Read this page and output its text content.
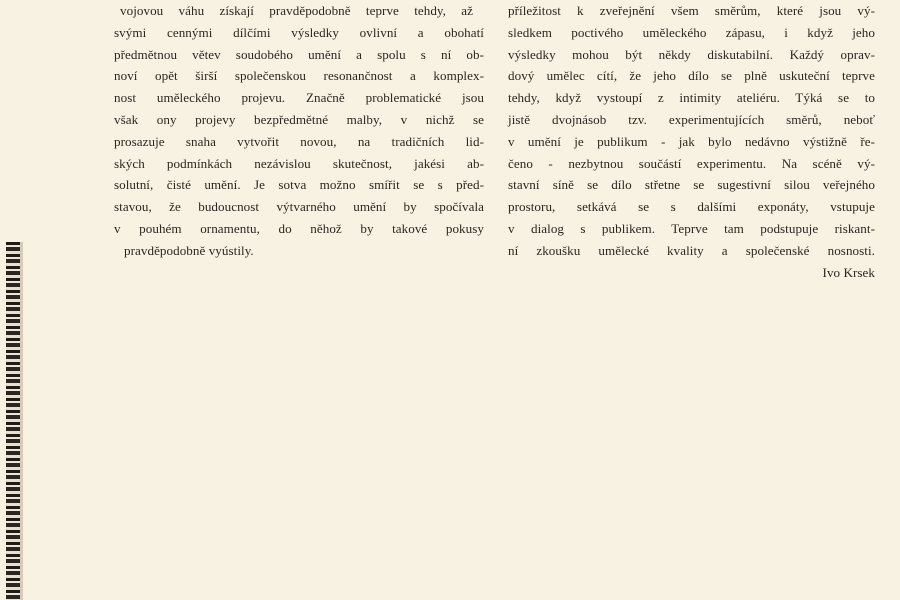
vojovou váhu získají pravděpodobně teprve tehdy, až
svými cennými dílčími výsledky ovlivní a obohatí
předmětnou větev soudobého umění a spolu s ní ob-
noví opět širší společenskou resonančnost a komplex-
nost uměleckého projevu. Značně problematické jsou
však ony projevy bezpředmětné malby, v nichž se
prosazuje snaha vytvořit novou, na tradičních lid-
ských podmínkách nezávislou skutečnost, jakési ab-
solutní, čisté umění. Je sotva možno smířit se s před-
stavou, že budoucnost výtvarného umění by spočívala
v pouhém ornamentu, do něhož by takové pokusy
pravděpodobně vyústily.
příležitost k zveřejnění všem směrům, které jsou vý-
sledkem poctivého uměleckého zápasu, i když jeho
výsledky mohou být někdy diskutabilní. Každý oprav-
dový umělec cítí, že jeho dílo se plně uskuteční teprve
tehdy, když vystoupí z intimity ateliéru. Týká se to
jistě dvojnásob tzv. experimentujících směrů, neboť
v umění je publikum - jak bylo nedávno výstižně ře-
čeno - nezbytnou součástí experimentu. Na scéně vý-
stavní síně se dílo střetne se sugestivní silou veřejného
prostoru, setkává se s dalšími exponáty, vstupuje
v dialog s publikem. Teprve tam podstupuje riskant-
ní zkoušku umělecké kvality a společenské nosnosti.
Ivo Krsek
